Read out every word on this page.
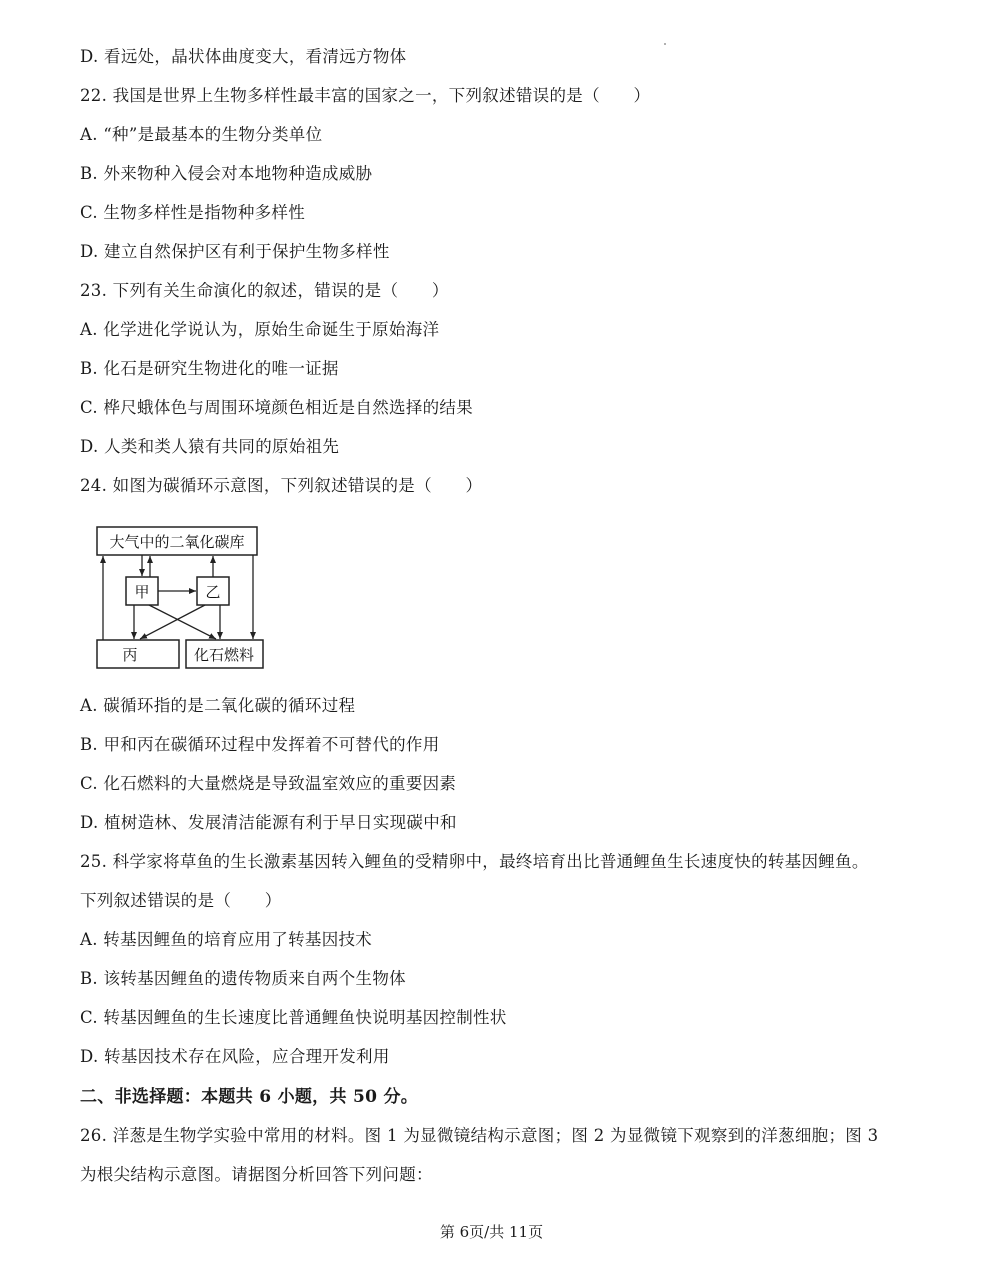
D. 看远处，晶状体曲度变大，看清远方物体
22. 我国是世界上生物多样性最丰富的国家之一，下列叙述错误的是（　　）
A. “种”是最基本的生物分类单位
B. 外来物种入侵会对本地物种造成威胁
C. 生物多样性是指物种多样性
D. 建立自然保护区有利于保护生物多样性
23. 下列有关生命演化的叙述，错误的是（　　）
A. 化学进化学说认为，原始生命诞生于原始海洋
B. 化石是研究生物进化的唯一证据
C. 桦尺蛾体色与周围环境颜色相近是自然选择的结果
D. 人类和类人猿有共同的原始祖先
24. 如图为碳循环示意图，下列叙述错误的是（　　）
大气中的二氧化碳库
甲	乙
丙	化石燃料
A. 碳循环指的是二氧化碳的循环过程
B. 甲和丙在碳循环过程中发挥着不可替代的作用
C. 化石燃料的大量燃烧是导致温室效应的重要因素
D. 植树造林、发展清洁能源有利于早日实现碳中和
25. 科学家将草鱼的生长激素基因转入鲤鱼的受精卵中，最终培育出比普通鲤鱼生长速度快的转基因鲤鱼。
下列叙述错误的是（　　）
A. 转基因鲤鱼的培育应用了转基因技术
B. 该转基因鲤鱼的遗传物质来自两个生物体
C. 转基因鲤鱼的生长速度比普通鲤鱼快说明基因控制性状
D. 转基因技术存在风险，应合理开发利用
二、非选择题：本题共 6 小题，共 50 分。
26. 洋葱是生物学实验中常用的材料。图 1 为显微镜结构示意图；图 2 为显微镜下观察到的洋葱细胞；图 3
为根尖结构示意图。请据图分析回答下列问题：
第 6页/共 11页
